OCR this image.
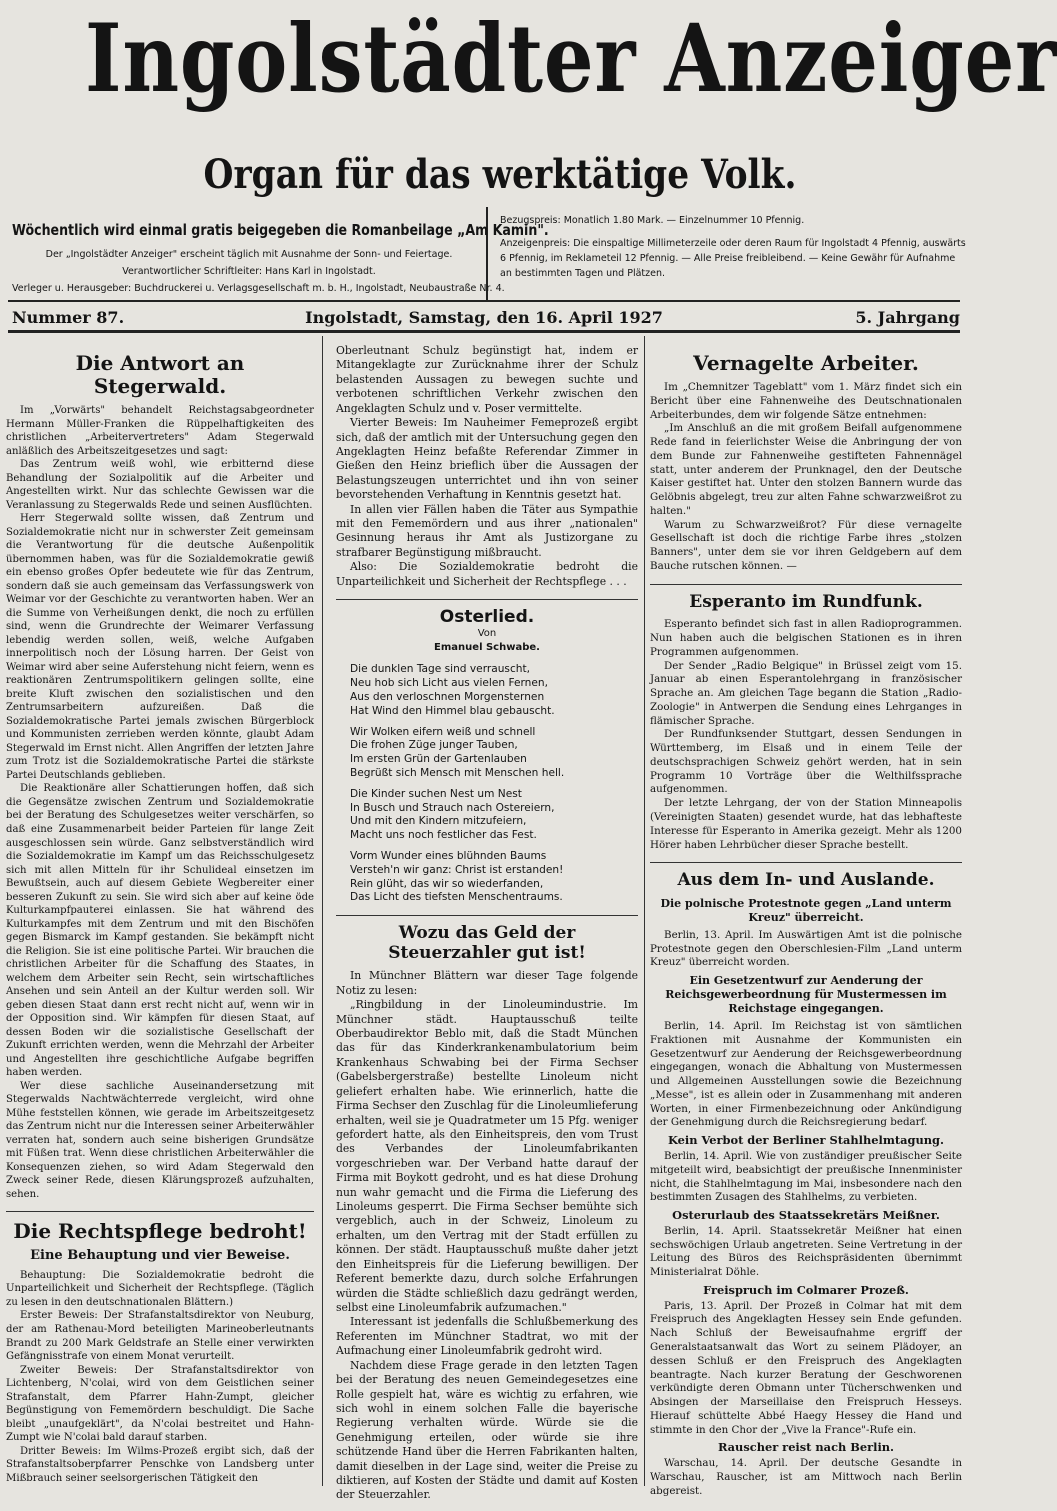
Ingolstädter Anzeiger
Organ für das werktätige Volk.
Wöchentlich wird einmal gratis beigegeben die Romanbeilage „Am Kamin".
Der „Ingolstädter Anzeiger" erscheint täglich mit Ausnahme der Sonn- und Feiertage.
Verantwortlicher Schriftleiter: Hans Karl in Ingolstadt.
Verleger u. Herausgeber: Buchdruckerei u. Verlagsgesellschaft m. b. H., Ingolstadt, Neubaustraße Nr. 4.
Bezugspreis: Monatlich 1.80 Mark. — Einzelnummer 10 Pfennig.
Anzeigenpreis: Die einspaltige Millimeterzeile oder deren Raum für Ingolstadt 4 Pfennig, auswärts
6 Pfennig, im Reklameteil 12 Pfennig. — Alle Preise freibleibend. — Keine Gewähr für Aufnahme
an bestimmten Tagen und Plätzen.
Nummer 87.	Ingolstadt, Samstag, den 16. April 1927	5. Jahrgang
Die Antwort an Stegerwald.

Im „Vorwärts" behandelt Reichstagsabgeordneter Hermann Müller-Franken die Rüppelhaftigkeiten des christlichen „Arbeitervertreters" Adam Stegerwald anläßlich des Arbeitszeitgesetzes und sagt:

Das Zentrum weiß wohl, wie erbitternd diese Behandlung der Sozialpolitik auf die Arbeiter und Angestellten wirkt. Nur das schlechte Gewissen war die Veranlassung zu Stegerwalds Rede und seinen Ausflüchten.

Herr Stegerwald sollte wissen, daß Zentrum und Sozialdemokratie nicht nur in schwerster Zeit gemeinsam die Verantwortung für die deutsche Außenpolitik übernommen haben, was für die Sozialdemokratie gewiß ein ebenso großes Opfer bedeutete wie für das Zentrum, sondern daß sie auch gemeinsam das Verfassungswerk von Weimar vor der Geschichte zu verantworten haben. Wer an die Summe von Verheißungen denkt, die noch zu erfüllen sind, wenn die Grundrechte der Weimarer Verfassung lebendig werden sollen, weiß, welche Aufgaben innerpolitisch noch der Lösung harren. Der Geist von Weimar wird aber seine Auferstehung nicht feiern, wenn es reaktionären Zentrumspolitikern gelingen sollte, eine breite Kluft zwischen den sozialistischen und den Zentrumsarbeitern aufzureißen. Daß die Sozialdemokratische Partei jemals zwischen Bürgerblock und Kommunisten zerrieben werden könnte, glaubt Adam Stegerwald im Ernst nicht. Allen Angriffen der letzten Jahre zum Trotz ist die Sozialdemokratische Partei die stärkste Partei Deutschlands geblieben.

Die Reaktionäre aller Schattierungen hoffen, daß sich die Gegensätze zwischen Zentrum und Sozialdemokratie bei der Beratung des Schulgesetzes weiter verschärfen, so daß eine Zusammenarbeit beider Parteien für lange Zeit ausgeschlossen sein würde. Ganz selbstverständlich wird die Sozialdemokratie im Kampf um das Reichsschulgesetz sich mit allen Mitteln für ihr Schulideal einsetzen im Bewußtsein, auch auf diesem Gebiete Wegbereiter einer besseren Zukunft zu sein. Sie wird sich aber auf keine öde Kulturkampfpauterei einlassen. Sie hat während des Kulturkampfes mit dem Zentrum und mit den Bischöfen gegen Bismarck im Kampf gestanden. Sie bekämpft nicht die Religion. Sie ist eine politische Partei. Wir brauchen die christlichen Arbeiter für die Schaffung des Staates, in welchem dem Arbeiter sein Recht, sein wirtschaftliches Ansehen und sein Anteil an der Kultur werden soll. Wir geben diesen Staat dann erst recht nicht auf, wenn wir in der Opposition sind. Wir kämpfen für diesen Staat, auf dessen Boden wir die sozialistische Gesellschaft der Zukunft errichten werden, wenn die Mehrzahl der Arbeiter und Angestellten ihre geschichtliche Aufgabe begriffen haben werden.

Wer diese sachliche Auseinandersetzung mit Stegerwalds Nachtwächterrede vergleicht, wird ohne Mühe feststellen können, wie gerade im Arbeitszeitgesetz das Zentrum nicht nur die Interessen seiner Arbeiterwähler verraten hat, sondern auch seine bisherigen Grundsätze mit Füßen trat. Wenn diese christlichen Arbeiterwähler die Konsequenzen ziehen, so wird Adam Stegerwald den Zweck seiner Rede, diesen Klärungsprozeß aufzuhalten, sehen.

Die Rechtspflege bedroht!
Eine Behauptung und vier Beweise.

Behauptung: Die Sozialdemokratie bedroht die Unparteilichkeit und Sicherheit der Rechtspflege. (Täglich zu lesen in den deutschnationalen Blättern.)

Erster Beweis: Der Strafanstaltsdirektor von Neuburg, der am Rathenau-Mord beteiligten Marineoberleutnants Brandt zu 200 Mark Geldstrafe an Stelle einer verwirkten Gefängnisstrafe von einem Monat verurteilt.

Zweiter Beweis: Der Strafanstaltsdirektor von Lichtenberg, N'colai, wird von dem Geistlichen seiner Strafanstalt, dem Pfarrer Hahn-Zumpt, gleicher Begünstigung von Fememördern beschuldigt. Die Sache bleibt „unaufgeklärt", da N'colai bestreitet und Hahn-Zumpt wie N'colai bald darauf starben.

Dritter Beweis: Im Wilms-Prozeß ergibt sich, daß der Strafanstaltsoberpfarrer Penschke von Landsberg unter Mißbrauch seiner seelsorgerischen Tätigkeit den

Oberleutnant Schulz begünstigt hat, indem er Mitangeklagte zur Zurücknahme ihrer der Schulz belastenden Aussagen zu bewegen suchte und verbotenen schriftlichen Verkehr zwischen den Angeklagten Schulz und v. Poser vermittelte.

Vierter Beweis: Im Nauheimer Femeprozeß ergibt sich, daß der amtlich mit der Untersuchung gegen den Angeklagten Heinz befaßte Referendar Zimmer in Gießen den Heinz brieflich über die Aussagen der Belastungszeugen unterrichtet und ihn von seiner bevorstehenden Verhaftung in Kenntnis gesetzt hat.

In allen vier Fällen haben die Täter aus Sympathie mit den Fememördern und aus ihrer „nationalen" Gesinnung heraus ihr Amt als Justizorgane zu strafbarer Begünstigung mißbraucht.

Also: Die Sozialdemokratie bedroht die Unparteilichkeit und Sicherheit der Rechtspflege . . .

Osterlied.
Von
Emanuel Schwabe.
Die dunklen Tage sind verrauscht,
Neu hob sich Licht aus vielen Fernen,
Aus den verloschnen Morgensternen
Hat Wind den Himmel blau gebauscht.
Wir Wolken eifern weiß und schnell
Die frohen Züge junger Tauben,
Im ersten Grün der Gartenlauben
Begrüßt sich Mensch mit Menschen hell.
Die Kinder suchen Nest um Nest
In Busch und Strauch nach Ostereiern,
Und mit den Kindern mitzufeiern,
Macht uns noch festlicher das Fest.
Vorm Wunder eines blühnden Baums
Versteh'n wir ganz: Christ ist erstanden!
Rein glüht, das wir so wiederfanden,
Das Licht des tiefsten Menschentraums.
Wozu das Geld der Steuerzahler gut ist!

In Münchner Blättern war dieser Tage folgende Notiz zu lesen:

„Ringbildung in der Linoleumindustrie. Im Münchner städt. Hauptausschuß teilte Oberbaudirektor Beblo mit, daß die Stadt München das für das Kinderkrankenambulatorium beim Krankenhaus Schwabing bei der Firma Sechser (Gabelsbergerstraße) bestellte Linoleum nicht geliefert erhalten habe. Wie erinnerlich, hatte die Firma Sechser den Zuschlag für die Linoleumlieferung erhalten, weil sie je Quadratmeter um 15 Pfg. weniger gefordert hatte, als den Einheitspreis, den vom Trust des Verbandes der Linoleumfabrikanten vorgeschrieben war. Der Verband hatte darauf der Firma mit Boykott gedroht, und es hat diese Drohung nun wahr gemacht und die Firma die Lieferung des Linoleums gesperrt. Die Firma Sechser bemühte sich vergeblich, auch in der Schweiz, Linoleum zu erhalten, um den Vertrag mit der Stadt erfüllen zu können. Der städt. Hauptausschuß mußte daher jetzt den Einheitspreis für die Lieferung bewilligen. Der Referent bemerkte dazu, durch solche Erfahrungen würden die Städte schließlich dazu gedrängt werden, selbst eine Linoleumfabrik aufzumachen."

Interessant ist jedenfalls die Schlußbemerkung des Referenten im Münchner Stadtrat, wo mit der Aufmachung einer Linoleumfabrik gedroht wird.

Nachdem diese Frage gerade in den letzten Tagen bei der Beratung des neuen Gemeindegesetzes eine Rolle gespielt hat, wäre es wichtig zu erfahren, wie sich wohl in einem solchen Falle die bayerische Regierung verhalten würde. Würde sie die Genehmigung erteilen, oder würde sie ihre schützende Hand über die Herren Fabrikanten halten, damit dieselben in der Lage sind, weiter die Preise zu diktieren, auf Kosten der Städte und damit auf Kosten der Steuerzahler.

Vernagelte Arbeiter.

Im „Chemnitzer Tageblatt" vom 1. März findet sich ein Bericht über eine Fahnenweihe des Deutschnationalen Arbeiterbundes, dem wir folgende Sätze entnehmen:

„Im Anschluß an die mit großem Beifall aufgenommene Rede fand in feierlichster Weise die Anbringung der von dem Bunde zur Fahnenweihe gestifteten Fahnennägel statt, unter anderem der Prunknagel, den der Deutsche Kaiser gestiftet hat. Unter den stolzen Bannern wurde das Gelöbnis abgelegt, treu zur alten Fahne schwarzweißrot zu halten."

Warum zu Schwarzweißrot? Für diese vernagelte Gesellschaft ist doch die richtige Farbe ihres „stolzen Banners", unter dem sie vor ihren Geldgebern auf dem Bauche rutschen können. —

Esperanto im Rundfunk.

Esperanto befindet sich fast in allen Radioprogrammen. Nun haben auch die belgischen Stationen es in ihren Programmen aufgenommen.

Der Sender „Radio Belgique" in Brüssel zeigt vom 15. Januar ab einen Esperantolehrgang in französischer Sprache an. Am gleichen Tage begann die Station „Radio-Zoologie" in Antwerpen die Sendung eines Lehrganges in flämischer Sprache.

Der Rundfunksender Stuttgart, dessen Sendungen in Württemberg, im Elsaß und in einem Teile der deutschsprachigen Schweiz gehört werden, hat in sein Programm 10 Vorträge über die Welthilfssprache aufgenommen.

Der letzte Lehrgang, der von der Station Minneapolis (Vereinigten Staaten) gesendet wurde, hat das lebhafteste Interesse für Esperanto in Amerika gezeigt. Mehr als 1200 Hörer haben Lehrbücher dieser Sprache bestellt.

Aus dem In- und Auslande.
Die polnische Protestnote gegen „Land unterm Kreuz" überreicht.

Berlin, 13. April. Im Auswärtigen Amt ist die polnische Protestnote gegen den Oberschlesien-Film „Land unterm Kreuz" überreicht worden.

Ein Gesetzentwurf zur Aenderung der Reichsgewerbeordnung für Mustermessen im Reichstage eingegangen.

Berlin, 14. April. Im Reichstag ist von sämtlichen Fraktionen mit Ausnahme der Kommunisten ein Gesetzentwurf zur Aenderung der Reichsgewerbeordnung eingegangen, wonach die Abhaltung von Mustermessen und Allgemeinen Ausstellungen sowie die Bezeichnung „Messe", ist es allein oder in Zusammenhang mit anderen Worten, in einer Firmenbezeichnung oder Ankündigung der Genehmigung durch die Reichsregierung bedarf.

Kein Verbot der Berliner Stahlhelmtagung.

Berlin, 14. April. Wie von zuständiger preußischer Seite mitgeteilt wird, beabsichtigt der preußische Innenminister nicht, die Stahlhelmtagung im Mai, insbesondere nach den bestimmten Zusagen des Stahlhelms, zu verbieten.

Osterurlaub des Staatssekretärs Meißner.

Berlin, 14. April. Staatssekretär Meißner hat einen sechswöchigen Urlaub angetreten. Seine Vertretung in der Leitung des Büros des Reichspräsidenten übernimmt Ministerialrat Döhle.

Freispruch im Colmarer Prozeß.

Paris, 13. April. Der Prozeß in Colmar hat mit dem Freispruch des Angeklagten Hessey sein Ende gefunden. Nach Schluß der Beweisaufnahme ergriff der Generalstaatsanwalt das Wort zu seinem Plädoyer, an dessen Schluß er den Freispruch des Angeklagten beantragte. Nach kurzer Beratung der Geschworenen verkündigte deren Obmann unter Tücherschwenken und Absingen der Marseillaise den Freispruch Hesseys. Hierauf schüttelte Abbé Haegy Hessey die Hand und stimmte in den Chor der „Vive la France"-Rufe ein.

Rauscher reist nach Berlin.

Warschau, 14. April. Der deutsche Gesandte in Warschau, Rauscher, ist am Mittwoch nach Berlin abgereist.
